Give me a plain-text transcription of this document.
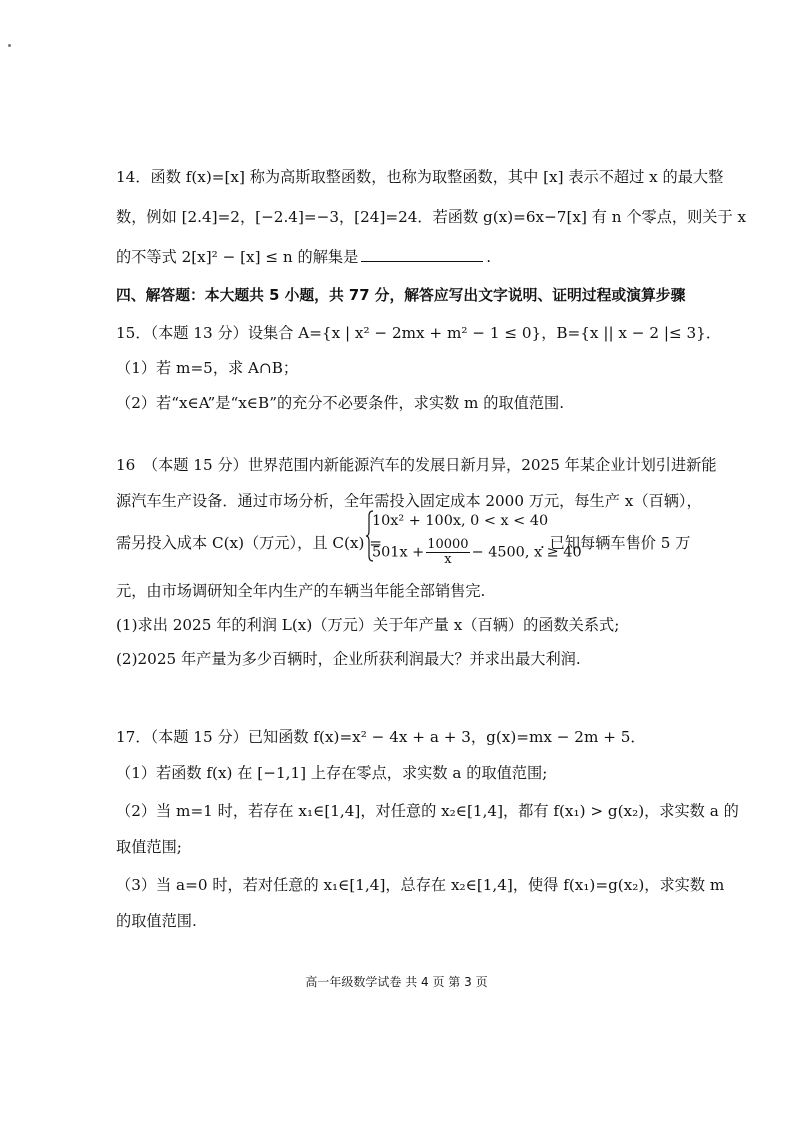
14．函数 f(x)=[x] 称为高斯取整函数，也称为取整函数，其中 [x] 表示不超过 x 的最大整
数，例如 [2.4]=2，[−2.4]=−3，[24]=24．若函数 g(x)=6x−7[x] 有 n 个零点，则关于 x
的不等式 2[x]² − [x] ≤ n 的解集是	.
四、解答题：本大题共 5 小题，共 77 分，解答应写出文字说明、证明过程或演算步骤
15．（本题 13 分）设集合 A={x | x² − 2mx + m² − 1 ≤ 0}，B={x || x − 2 |≤ 3}．
（1）若 m=5，求 A∩B；
（2）若“x∈A”是“x∈B”的充分不必要条件，求实数 m 的取值范围.
16　（本题 15 分）世界范围内新能源汽车的发展日新月异，2025 年某企业计划引进新能
源汽车生产设备．通过市场分析，全年需投入固定成本 2000 万元，每生产 x（百辆），
需另投入成本 C(x)（万元），且 C(x) =
10x² + 100x, 0 < x < 40
$501x + \frac{10000}{x} - 4500$, x ≥ 40
. 已知每辆车售价 5 万
元，由市场调研知全年内生产的车辆当年能全部销售完.
(1)求出 2025 年的利润 L(x)（万元）关于年产量 x（百辆）的函数关系式;
(2)2025 年产量为多少百辆时，企业所获利润最大？并求出最大利润.
17．（本题 15 分）已知函数 f(x)=x² − 4x + a + 3，g(x)=mx − 2m + 5．
（1）若函数 f(x) 在 [−1,1] 上存在零点，求实数 a 的取值范围;
（2）当 m=1 时，若存在 x₁∈[1,4]，对任意的 x₂∈[1,4]，都有 f(x₁) > g(x₂)，求实数 a 的
取值范围;
（3）当 a=0 时，若对任意的 x₁∈[1,4]，总存在 x₂∈[1,4]，使得 f(x₁)=g(x₂)，求实数 m
的取值范围.
高一年级数学试卷 共 4 页 第 3 页
